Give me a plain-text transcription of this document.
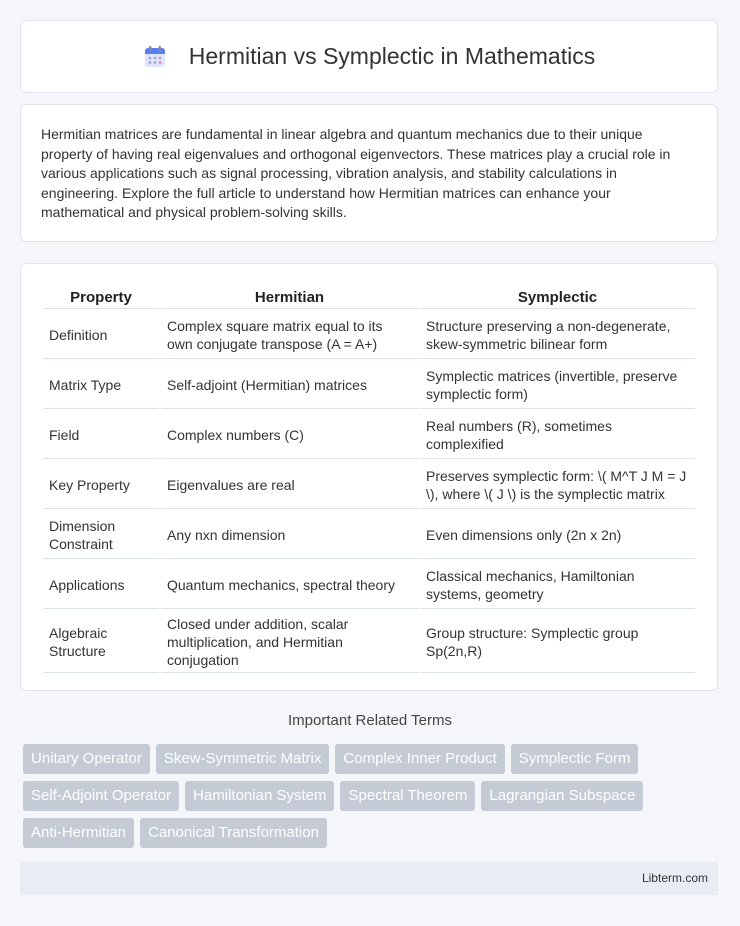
Hermitian vs Symplectic in Mathematics
Hermitian matrices are fundamental in linear algebra and quantum mechanics due to their unique property of having real eigenvalues and orthogonal eigenvectors. These matrices play a crucial role in various applications such as signal processing, vibration analysis, and stability calculations in engineering. Explore the full article to understand how Hermitian matrices can enhance your mathematical and physical problem-solving skills.
Property	Hermitian	Symplectic
Definition	Complex square matrix equal to its own conjugate transpose (A = A+)	Structure preserving a non-degenerate, skew-symmetric bilinear form
Matrix Type	Self-adjoint (Hermitian) matrices	Symplectic matrices (invertible, preserve symplectic form)
Field	Complex numbers (C)	Real numbers (R), sometimes complexified
Key Property	Eigenvalues are real	Preserves symplectic form: \( M^T J M = J \), where \( J \) is the symplectic matrix
Dimension Constraint	Any nxn dimension	Even dimensions only (2n x 2n)
Applications	Quantum mechanics, spectral theory	Classical mechanics, Hamiltonian systems, geometry
Algebraic Structure	Closed under addition, scalar multiplication, and Hermitian conjugation	Group structure: Symplectic group Sp(2n,R)
Important Related Terms
Unitary Operator	Skew-Symmetric Matrix	Complex Inner Product	Symplectic Form
Self-Adjoint Operator	Hamiltonian System	Spectral Theorem	Lagrangian Subspace
Anti-Hermitian	Canonical Transformation
Libterm.com
